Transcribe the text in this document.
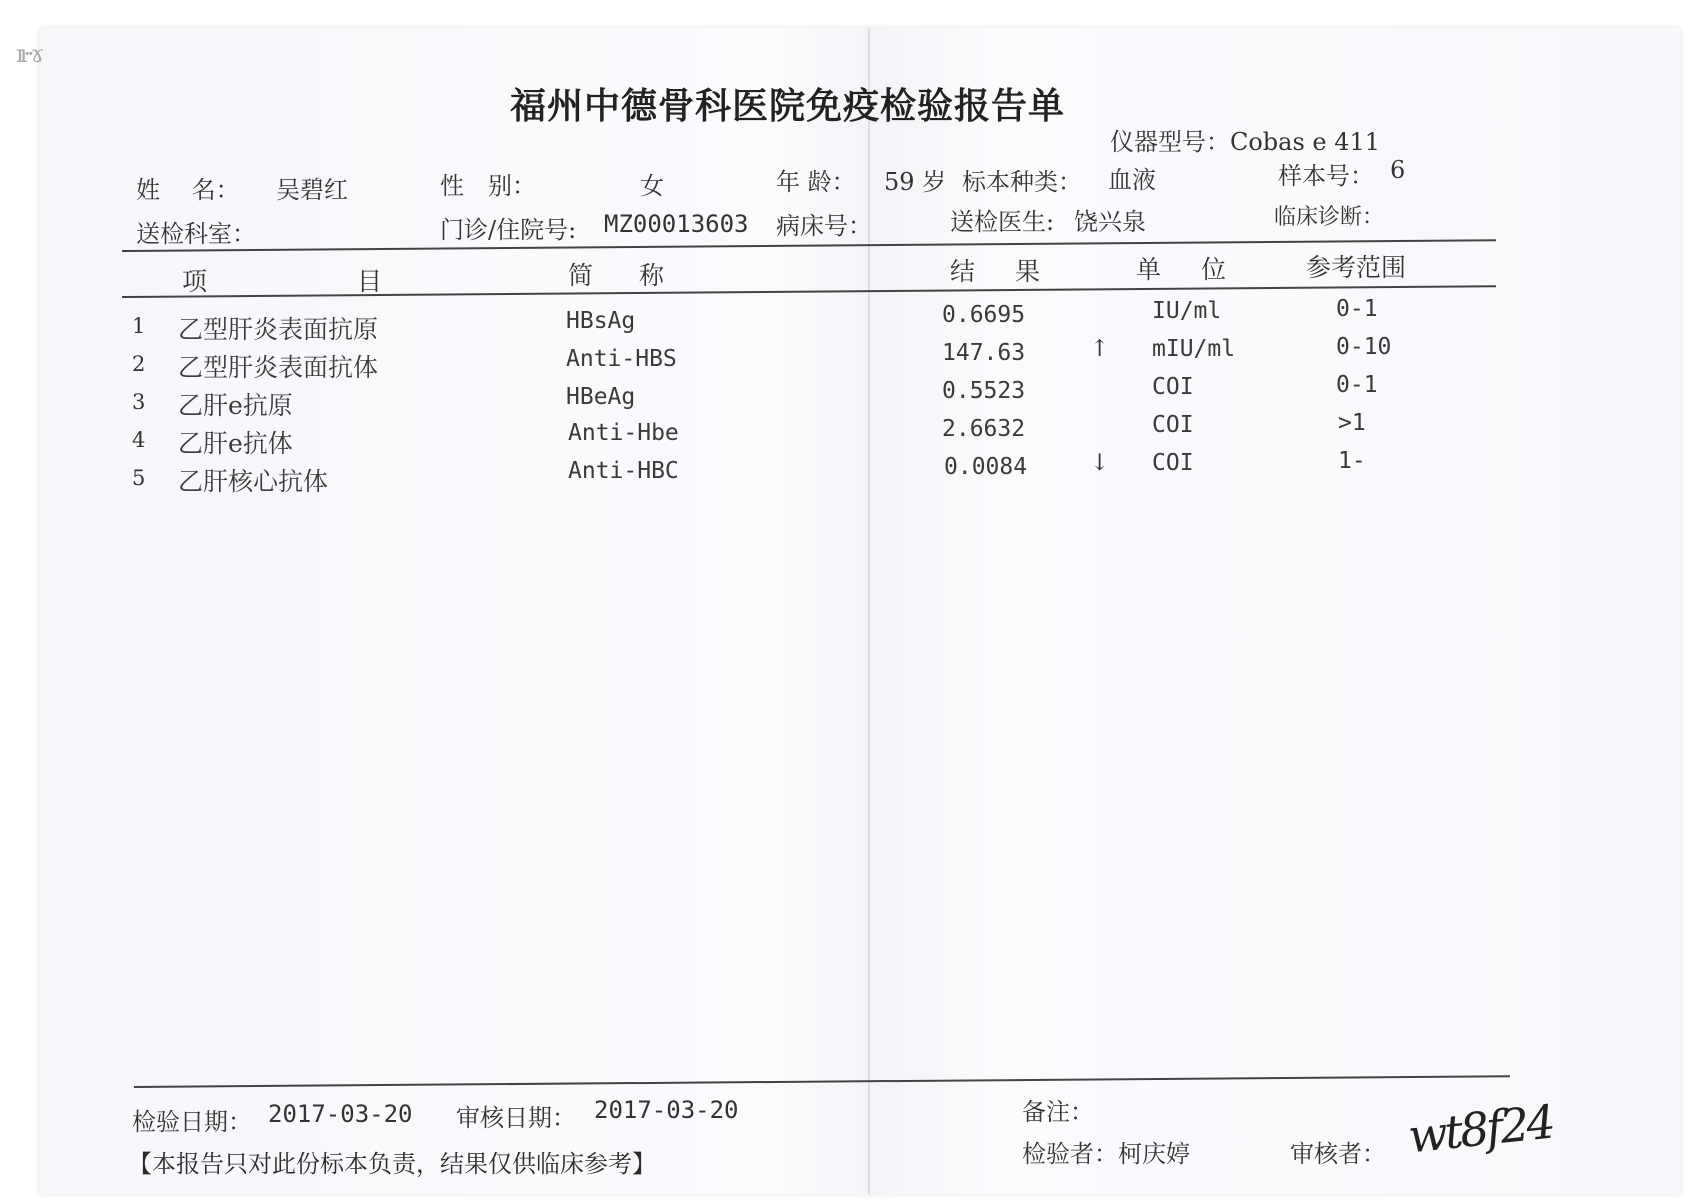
ıı··ɤ
福州中德骨科医院免疫检验报告单
仪器型号：Cobas e 411
姓　 名： 吴碧红	性　别：	女	年 龄： 59 岁 标本种类： 血液	样本号： 6
送检科室：	门诊/住院号: MZ00013603 病床号：	送检医生: 饶兴泉	临床诊断：
项目 简称	结果 单位 参考范围
1 乙型肝炎表面抗原	HBsAg	0.6695	IU/ml	0-1
2 乙型肝炎表面抗体	Anti-HBS	147.63	↑ mIU/ml	0-10
3 乙肝e抗原	HBeAg	0.5523	COI	0-1
4 乙肝e抗体	Anti-Hbe	2.6632	COI	>1
5 乙肝核心抗体	Anti-HBC	0.0084	↓ COI	1-
检验日期： 2017-03-20 审核日期： 2017-03-20	备注：
【本报告只对此份标本负责，结果仅供临床参考】	检验者： 柯庆婷	审核者： wt8f24
